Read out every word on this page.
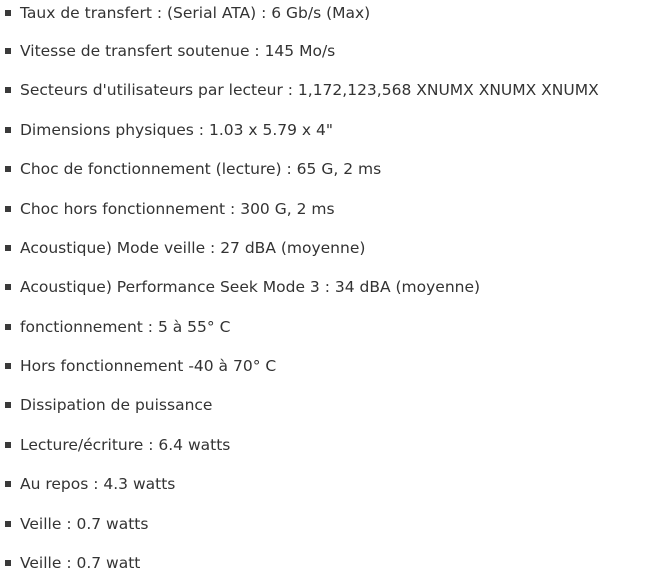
Taux de transfert : (Serial ATA) : 6 Gb/s (Max)
Vitesse de transfert soutenue : 145 Mo/s
Secteurs d'utilisateurs par lecteur : 1,172,123,568 XNUMX XNUMX XNUMX
Dimensions physiques : 1.03 x 5.79 x 4"
Choc de fonctionnement (lecture) : 65 G, 2 ms
Choc hors fonctionnement : 300 G, 2 ms
Acoustique) Mode veille : 27 dBA (moyenne)
Acoustique) Performance Seek Mode 3 : 34 dBA (moyenne)
fonctionnement : 5 à 55° C
Hors fonctionnement -40 à 70° C
Dissipation de puissance
Lecture/écriture : 6.4 watts
Au repos : 4.3 watts
Veille : 0.7 watts
Veille : 0.7 watt
